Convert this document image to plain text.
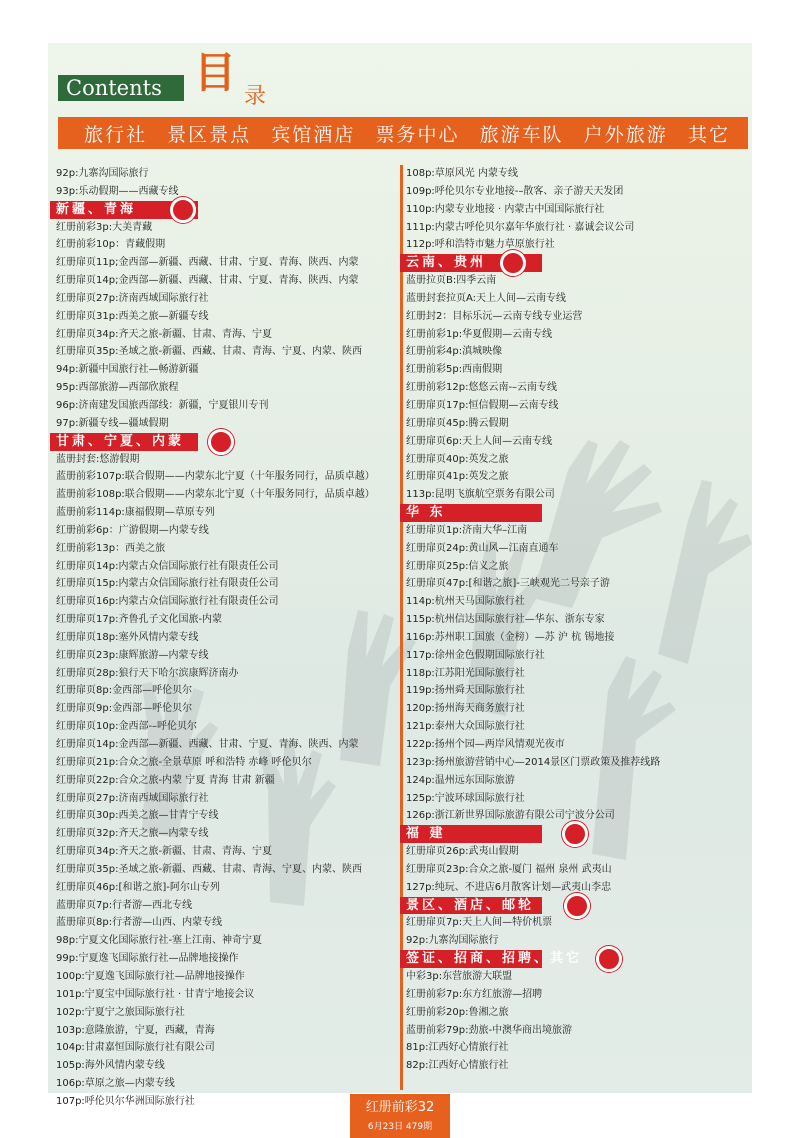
Contents 目 录
旅行社 景区景点 宾馆酒店 票务中心 旅游车队 户外旅游 其它
92p:九寨沟国际旅行
93p:乐动假期——西藏专线
新疆、青海
红册前彩3p:大美青藏
红册前彩10p：青藏假期
红册扉页11p;金西部—新疆、西藏、甘肃、宁夏、青海、陕西、内蒙
红册扉页14p;金西部—新疆、西藏、甘肃、宁夏、青海、陕西、内蒙
红册扉页27p:济南西域国际旅行社
红册扉页31p:西美之旅—新疆专线
红册扉页34p:齐天之旅-新疆、甘肃、青海、宁夏
红册扉页35p:圣域之旅-新疆、西藏、甘肃、青海、宁夏、内蒙、陕西
94p:新疆中国旅行社—畅游新疆
95p:西部旅游—西部欣旅程
96p:济南建发国旅西部线：新疆，宁夏银川专刊
97p:新疆专线—疆域假期
甘肃、宁夏、内蒙
蓝册封套:悠游假期
蓝册前彩107p:联合假期——内蒙东北宁夏（十年服务同行，品质卓越）
蓝册前彩108p:联合假期——内蒙东北宁夏（十年服务同行，品质卓越）
蓝册前彩114p:康福假期—草原专列
红册前彩6p：广游假期—内蒙专线
红册前彩13p：西美之旅
红册扉页14p:内蒙古众信国际旅行社有限责任公司
红册扉页15p:内蒙古众信国际旅行社有限责任公司
红册扉页16p:内蒙古众信国际旅行社有限责任公司
红册扉页17p:齐鲁孔子文化国旅-内蒙
红册扉页18p:塞外风情内蒙专线
红册扉页23p:康辉旅游—内蒙专线
红册扉页28p:狼行天下哈尔滨康辉济南办
红册扉页8p:金西部—呼伦贝尔
红册扉页9p:金西部—呼伦贝尔
红册扉页10p:金西部-–呼伦贝尔
红册扉页14p:金西部—新疆、西藏、甘肃、宁夏、青海、陕西、内蒙
红册扉页21p:合众之旅-全景草原 呼和浩特 赤峰 呼伦贝尔
红册扉页22p:合众之旅-内蒙 宁夏 青海 甘肃 新疆
红册扉页27p:济南西域国际旅行社
红册扉页30p:西美之旅—甘青宁专线
红册扉页32p:齐天之旅—内蒙专线
红册扉页34p:齐天之旅-新疆、甘肃、青海、宁夏
红册扉页35p:圣域之旅-新疆、西藏、甘肃、青海、宁夏、内蒙、陕西
红册扉页46p:[和谐之旅]-阿尔山专列
蓝册扉页7p:行者游—西北专线
蓝册扉页8p:行者游—山西、内蒙专线
98p:宁夏文化国际旅行社-塞上江南、神奇宁夏
99p:宁夏逸飞国际旅行社—品牌地接操作
100p:宁夏逸飞国际旅行社—品牌地接操作
101p:宁夏宝中国际旅行社 · 甘青宁地接会议
102p:宁夏宁之旅国际旅行社
103p:意隆旅游，宁夏，西藏，青海
104p:甘肃嘉恒国际旅行社有限公司
105p:海外风情内蒙专线
106p:草原之旅—内蒙专线
107p:呼伦贝尔华洲国际旅行社
108p:草原风光 内蒙专线
109p:呼伦贝尔专业地接-–散客、亲子游天天发团
110p:内蒙专业地接 · 内蒙古中国国际旅行社
111p:内蒙古呼伦贝尔嘉年华旅行社 · 嘉诚会议公司
112p:呼和浩特市魅力草原旅行社
云南、贵州
蓝册拉页B:四季云南
蓝册封套拉页A:天上人间—云南专线
红册封2：目标乐沅—云南专线专业运营
红册前彩1p:华夏假期—云南专线
红册前彩4p:滇城映像
红册前彩5p:西南假期
红册前彩12p:悠悠云南-–云南专线
红册扉页17p:恒信假期—云南专线
红册扉页45p:腾云假期
红册扉页6p:天上人间—云南专线
红册扉页40p:英发之旅
红册扉页41p:英发之旅
113p:昆明飞旗航空票务有限公司
华 东
红册扉页1p:济南大华–江南
红册扉页24p:黄山风—江南直通车
红册扉页25p:信义之旅
红册扉页47p:[和谐之旅]-三峡观光二号亲子游
114p:杭州天马国际旅行社
115p:杭州信达国际旅行社—华东、浙东专家
116p:苏州职工国旅（金榜）—苏 沪 杭 锡地接
117p:徐州金色假期国际旅行社
118p:江苏阳光国际旅行社
119p:扬州舜天国际旅行社
120p:扬州海天商务旅行社
121p:泰州大众国际旅行社
122p:扬州个园—两岸风情观光夜市
123p:扬州旅游营销中心—2014景区门票政策及推荐线路
124p:温州远东国际旅游
125p:宁波环球国际旅行社
126p:浙江新世界国际旅游有限公司宁波分公司
福 建
红册扉页26p:武夷山假期
红册扉页23p:合众之旅-厦门 福州 泉州 武夷山
127p:纯玩、不进店6月散客计划—武夷山李忠
景区、酒店、邮轮
红册扉页7p:天上人间—特价机票
92p:九寨沟国际旅行
签证、招商、招聘、其它
中彩3p:东营旅游大联盟
红册前彩7p:东方红旅游—招聘
红册前彩20p:鲁湘之旅
蓝册前彩79p:劲旅-中澳华商出境旅游
81p:江西好心情旅行社
82p:江西好心情旅行社
红册前彩32
6月23日 479期
